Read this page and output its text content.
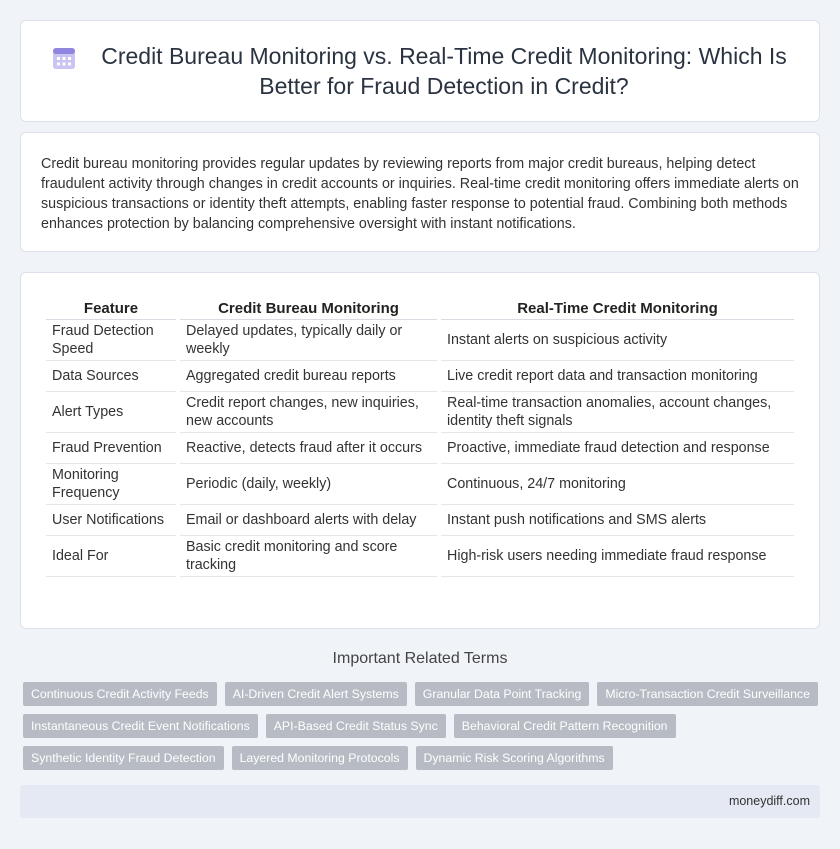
Credit Bureau Monitoring vs. Real-Time Credit Monitoring: Which Is Better for Fraud Detection in Credit?

Credit bureau monitoring provides regular updates by reviewing reports from major credit bureaus, helping detect fraudulent activity through changes in credit accounts or inquiries. Real-time credit monitoring offers immediate alerts on suspicious transactions or identity theft attempts, enabling faster response to potential fraud. Combining both methods enhances protection by balancing comprehensive oversight with instant notifications.

Feature	Credit Bureau Monitoring	Real-Time Credit Monitoring
Fraud Detection Speed	Delayed updates, typically daily or weekly	Instant alerts on suspicious activity
Data Sources	Aggregated credit bureau reports	Live credit report data and transaction monitoring
Alert Types	Credit report changes, new inquiries, new accounts	Real-time transaction anomalies, account changes, identity theft signals
Fraud Prevention	Reactive, detects fraud after it occurs	Proactive, immediate fraud detection and response
Monitoring Frequency	Periodic (daily, weekly)	Continuous, 24/7 monitoring
User Notifications	Email or dashboard alerts with delay	Instant push notifications and SMS alerts
Ideal For	Basic credit monitoring and score tracking	High-risk users needing immediate fraud response
Important Related Terms
Continuous Credit Activity Feeds	AI-Driven Credit Alert Systems	Granular Data Point Tracking	Micro-Transaction Credit Surveillance
Instantaneous Credit Event Notifications	API-Based Credit Status Sync	Behavioral Credit Pattern Recognition
Synthetic Identity Fraud Detection	Layered Monitoring Protocols	Dynamic Risk Scoring Algorithms
moneydiff.com
